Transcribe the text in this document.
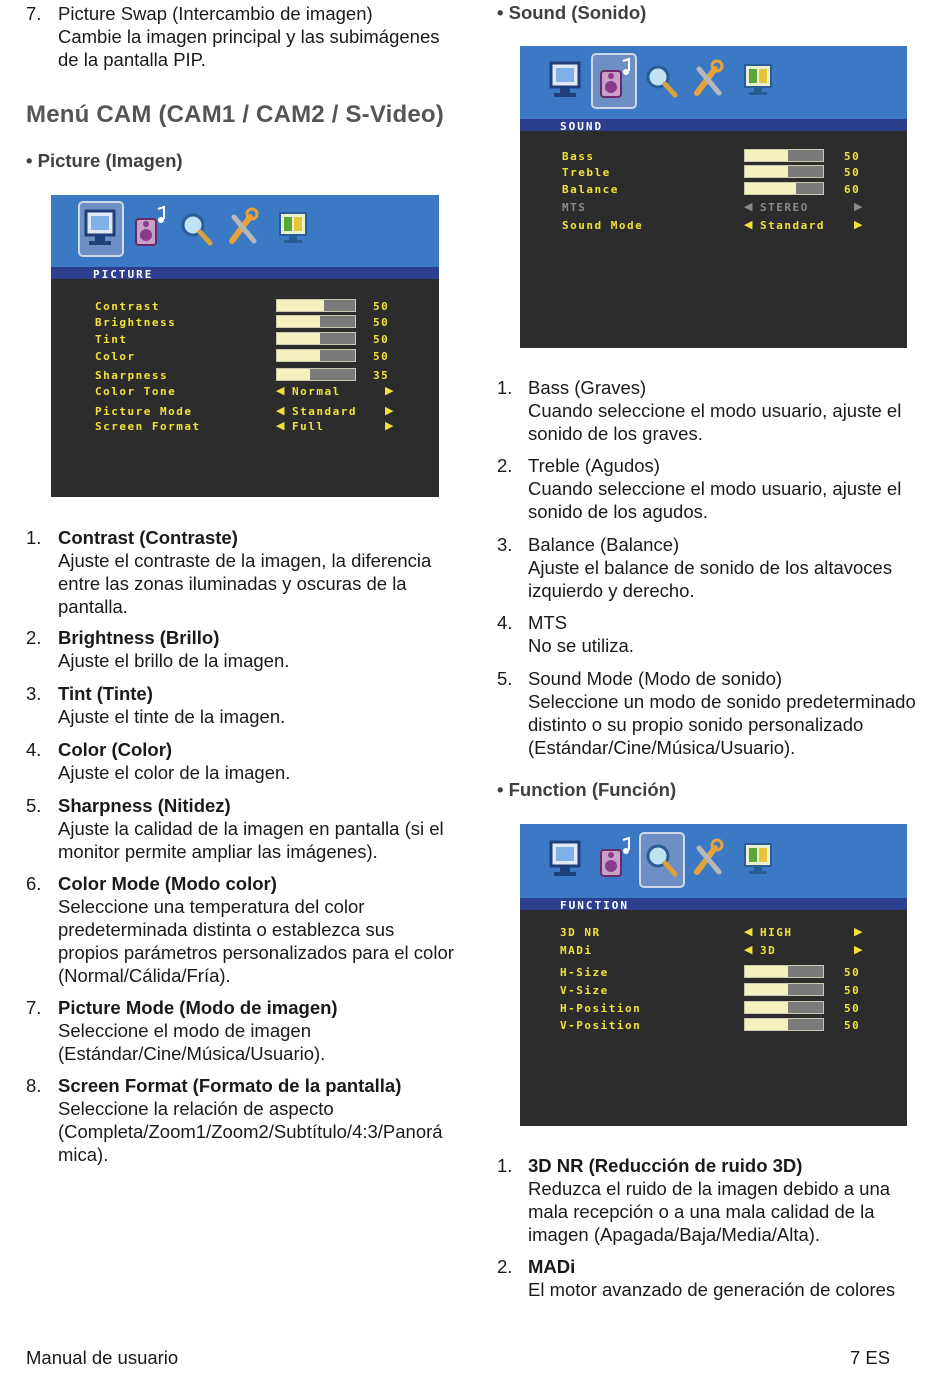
7. Picture Swap (Intercambio de imagen)
Cambie la imagen principal y las subimágenes de la pantalla PIP.
Menú CAM (CAM1 / CAM2 / S-Video)
• Picture (Imagen)
PICTURE
Contrast	50
Brightness	50
Tint	50
Color	50
Sharpness	35
Color Tone	◀ Normal	▶
Picture Mode	◀ Standard	▶
Screen Format	◀ Full	▶
1. Contrast (Contraste)
Ajuste el contraste de la imagen, la diferencia entre las zonas iluminadas y oscuras de la pantalla.
2. Brightness (Brillo)
Ajuste el brillo de la imagen.
3. Tint (Tinte)
Ajuste el tinte de la imagen.
4. Color (Color)
Ajuste el color de la imagen.
5. Sharpness (Nitidez)
Ajuste la calidad de la imagen en pantalla (si el monitor permite ampliar las imágenes).
6. Color Mode (Modo color)
Seleccione una temperatura del color predeterminada distinta o establezca sus propios parámetros personalizados para el color (Normal/Cálida/Fría).
7. Picture Mode (Modo de imagen)
Seleccione el modo de imagen (Estándar/Cine/Música/Usuario).
8. Screen Format (Formato de la pantalla)
Seleccione la relación de aspecto (Completa/Zoom1/Zoom2/Subtítulo/4:3/Panorá mica).
• Sound (Sonido)
SOUND
Bass	50
Treble	50
Balance	60
MTS	◀ STEREO	▶
Sound Mode	◀ Standard	▶
1. Bass (Graves)
Cuando seleccione el modo usuario, ajuste el sonido de los graves.
2. Treble (Agudos)
Cuando seleccione el modo usuario, ajuste el sonido de los agudos.
3. Balance (Balance)
Ajuste el balance de sonido de los altavoces izquierdo y derecho.
4. MTS
No se utiliza.
5. Sound Mode (Modo de sonido)
Seleccione un modo de sonido predeterminado distinto o su propio sonido personalizado (Estándar/Cine/Música/Usuario).
• Function (Función)
FUNCTION
3D NR	◀ HIGH	▶
MADi	◀ 3D	▶
H-Size	50
V-Size	50
H-Position	50
V-Position	50
1. 3D NR (Reducción de ruido 3D)
Reduzca el ruido de la imagen debido a una mala recepción o a una mala calidad de la imagen (Apagada/Baja/Media/Alta).
2. MADi
El motor avanzado de generación de colores
Manual de usuario	7 ES
